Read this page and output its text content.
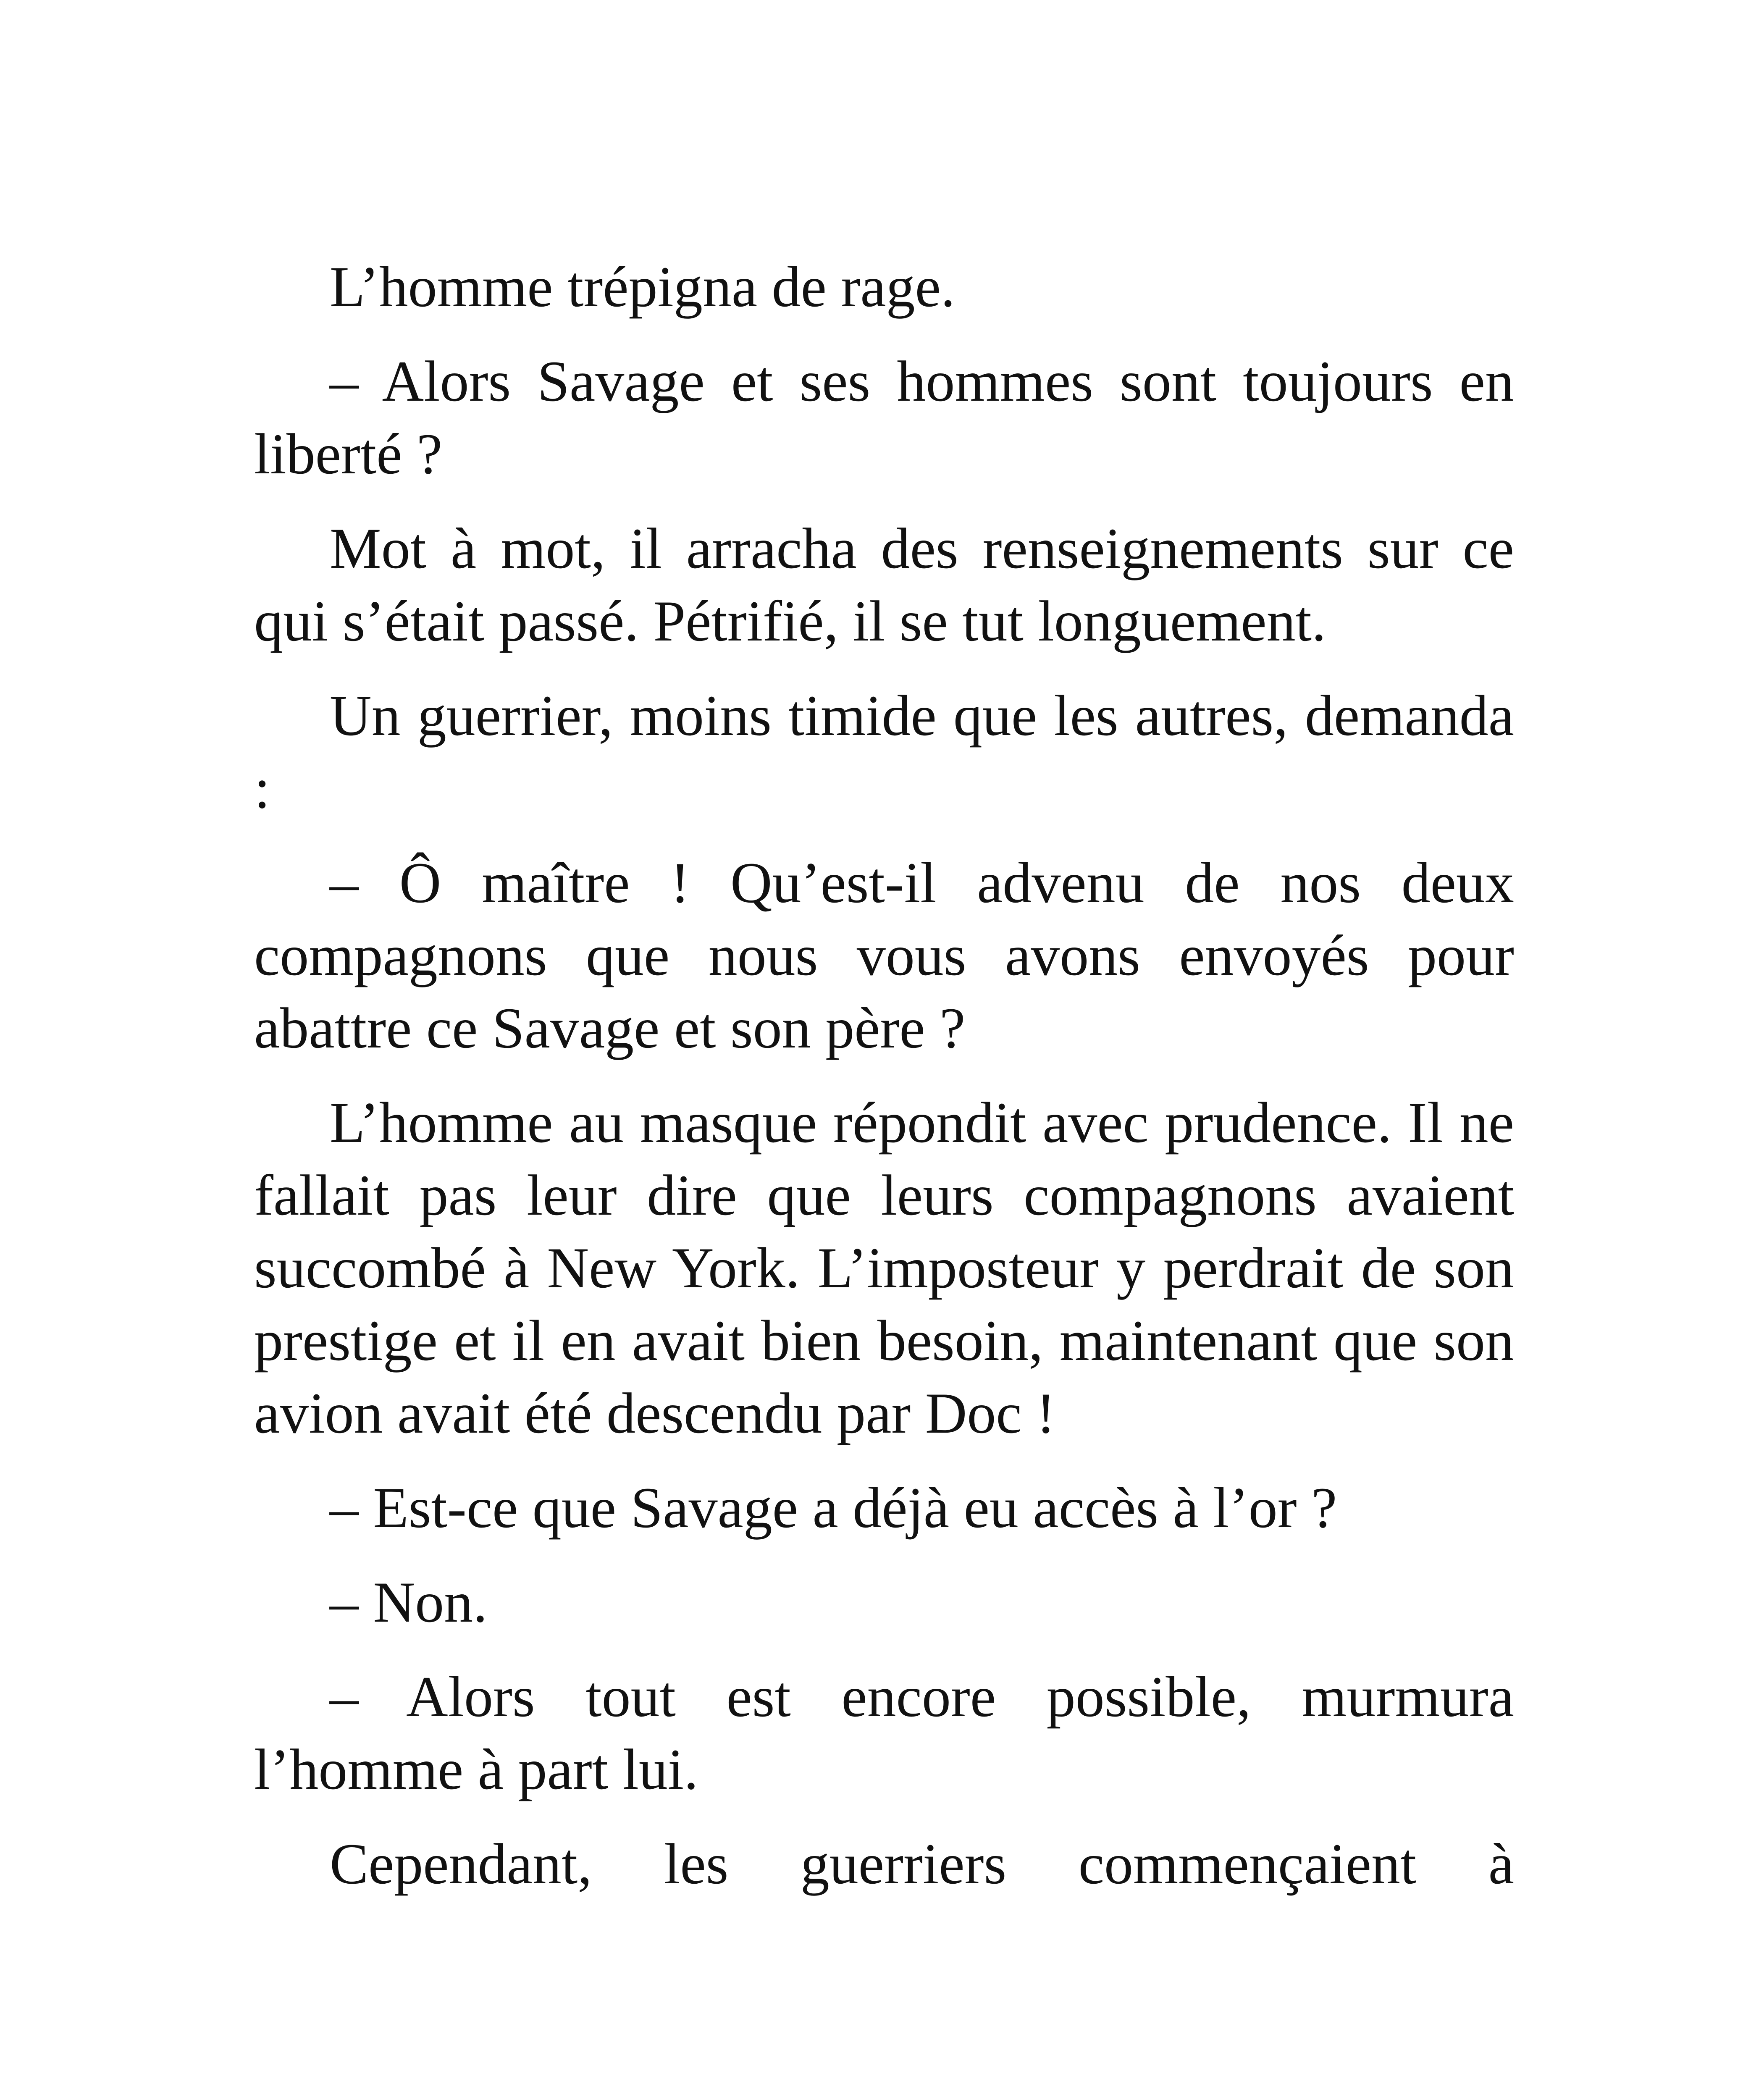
L’homme trépigna de rage.

– Alors Savage et ses hommes sont toujours en liberté ?

Mot à mot, il arracha des renseignements sur ce qui s’était passé. Pétrifié, il se tut longuement.

Un guerrier, moins timide que les autres, demanda :

– Ô maître ! Qu’est-il advenu de nos deux compagnons que nous vous avons envoyés pour abattre ce Savage et son père ?

L’homme au masque répondit avec prudence. Il ne fallait pas leur dire que leurs compagnons avaient succombé à New York. L’imposteur y perdrait de son prestige et il en avait bien besoin, maintenant que son avion avait été descendu par Doc !

– Est-ce que Savage a déjà eu accès à l’or ?

– Non.

– Alors tout est encore possible, murmura l’homme à part lui.

Cependant, les guerriers commençaient à
